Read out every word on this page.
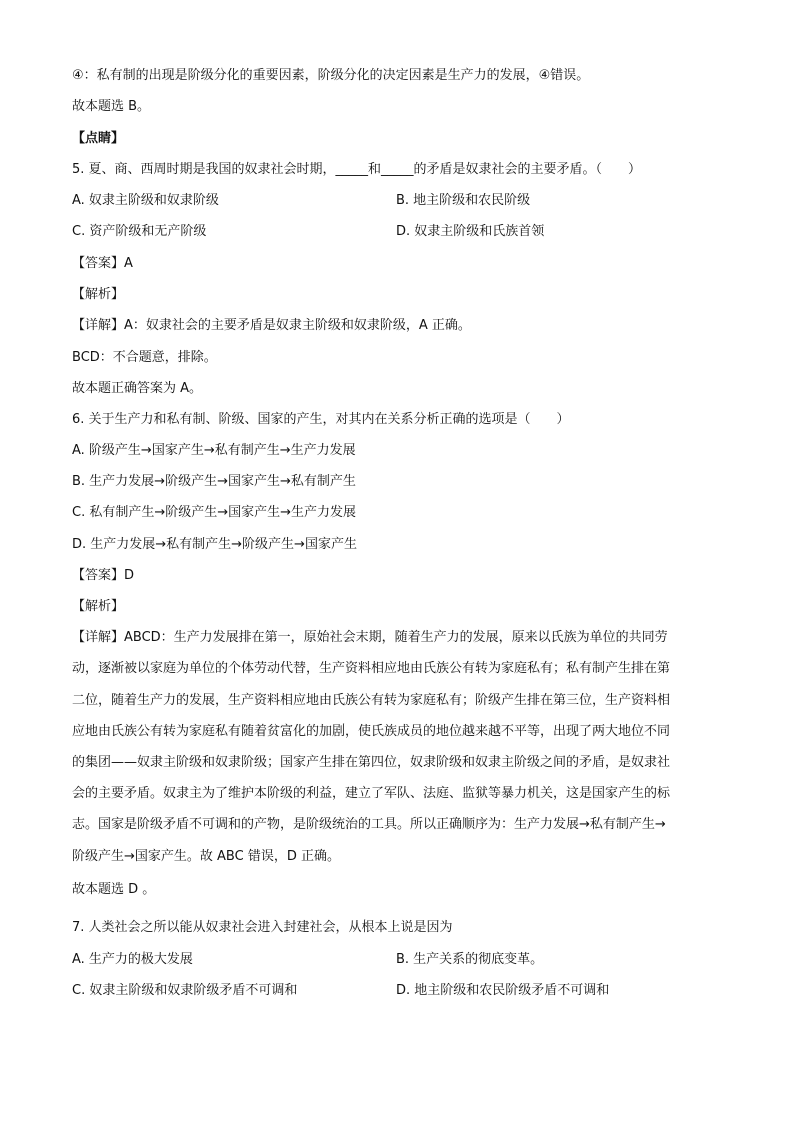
④：私有制的出现是阶级分化的重要因素，阶级分化的决定因素是生产力的发展，④错误。
故本题选 B。
【点睛】
5. 夏、商、西周时期是我国的奴隶社会时期，_____和_____的矛盾是奴隶社会的主要矛盾。（　　）
A. 奴隶主阶级和奴隶阶级	B. 地主阶级和农民阶级
C. 资产阶级和无产阶级	D. 奴隶主阶级和氏族首领
【答案】A
【解析】
【详解】A：奴隶社会的主要矛盾是奴隶主阶级和奴隶阶级，A 正确。
BCD：不合题意，排除。
故本题正确答案为 A。
6. 关于生产力和私有制、阶级、国家的产生，对其内在关系分析正确的选项是（　　）
A. 阶级产生→国家产生→私有制产生→生产力发展
B. 生产力发展→阶级产生→国家产生→私有制产生
C. 私有制产生→阶级产生→国家产生→生产力发展
D. 生产力发展→私有制产生→阶级产生→国家产生
【答案】D
【解析】
【详解】ABCD：生产力发展排在第一，原始社会末期，随着生产力的发展，原来以氏族为单位的共同劳
动，逐渐被以家庭为单位的个体劳动代替，生产资料相应地由氏族公有转为家庭私有；私有制产生排在第
二位，随着生产力的发展，生产资料相应地由氏族公有转为家庭私有；阶级产生排在第三位，生产资料相
应地由氏族公有转为家庭私有随着贫富化的加剧，使氏族成员的地位越来越不平等，出现了两大地位不同
的集团——奴隶主阶级和奴隶阶级；国家产生排在第四位，奴隶阶级和奴隶主阶级之间的矛盾，是奴隶社
会的主要矛盾。奴隶主为了维护本阶级的利益，建立了军队、法庭、监狱等暴力机关，这是国家产生的标
志。国家是阶级矛盾不可调和的产物，是阶级统治的工具。所以正确顺序为：生产力发展→私有制产生→
阶级产生→国家产生。故 ABC 错误，D 正确。
故本题选 D 。
7. 人类社会之所以能从奴隶社会进入封建社会，从根本上说是因为
A. 生产力的极大发展	B. 生产关系的彻底变革。
C. 奴隶主阶级和奴隶阶级矛盾不可调和	D. 地主阶级和农民阶级矛盾不可调和
